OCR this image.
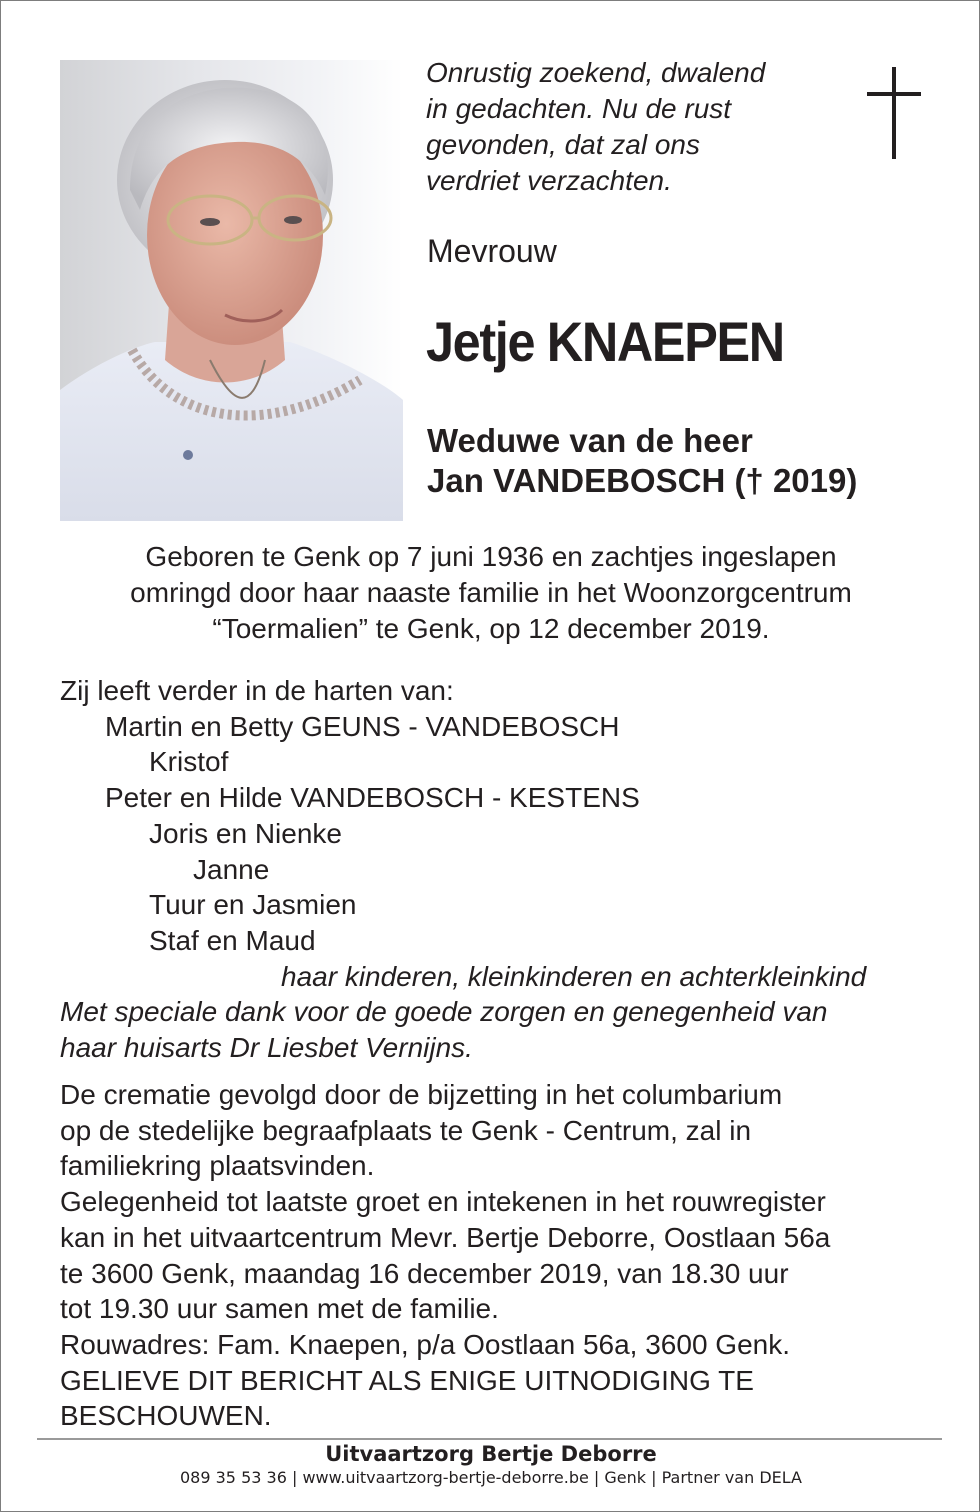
Onrustig zoekend, dwalend
in gedachten. Nu de rust
gevonden, dat zal ons
verdriet verzachten.
Mevrouw
Jetje KNAEPEN
Weduwe van de heer
Jan VANDEBOSCH († 2019)
Geboren te Genk op 7 juni 1936 en zachtjes ingeslapen
omringd door haar naaste familie in het Woonzorgcentrum
“Toermalien” te Genk, op 12 december 2019.
Zij leeft verder in de harten van:
Martin en Betty GEUNS - VANDEBOSCH
Kristof
Peter en Hilde VANDEBOSCH - KESTENS
Joris en Nienke
Janne
Tuur en Jasmien
Staf en Maud
haar kinderen, kleinkinderen en achterkleinkind
Met speciale dank voor de goede zorgen en genegenheid van
haar huisarts Dr Liesbet Vernijns.
De crematie gevolgd door de bijzetting in het columbarium
op de stedelijke begraafplaats te Genk - Centrum, zal in
familiekring plaatsvinden.
Gelegenheid tot laatste groet en intekenen in het rouwregister
kan in het uitvaartcentrum Mevr. Bertje Deborre, Oostlaan 56a
te 3600 Genk, maandag 16 december 2019, van 18.30 uur
tot 19.30 uur samen met de familie.
Rouwadres: Fam. Knaepen, p/a Oostlaan 56a, 3600 Genk.
GELIEVE DIT BERICHT ALS ENIGE UITNODIGING TE
BESCHOUWEN.
Uitvaartzorg Bertje Deborre
089 35 53 36 | www.uitvaartzorg-bertje-deborre.be | Genk | Partner van DELA
